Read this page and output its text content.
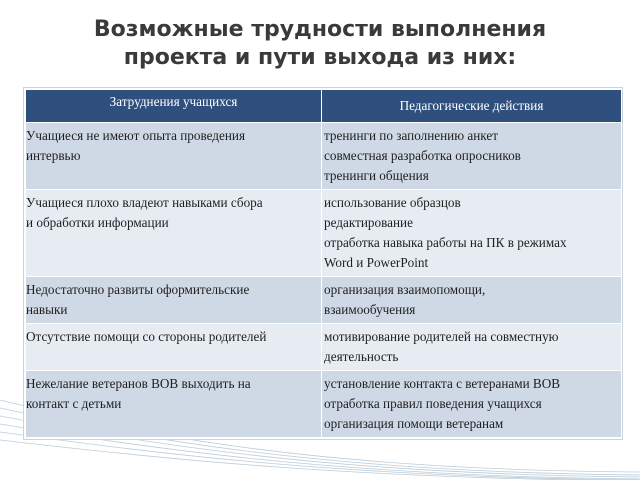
Возможные трудности выполнения
проекта и пути выхода из них:
Затруднения учащихся	Педагогические действия

Учащиеся не имеют опыта проведения
интервью	тренинги по заполнению анкет
совместная разработка опросников
тренинги общения

Учащиеся плохо владеют навыками сбора
и обработки информации	использование образцов
редактирование
отработка навыка работы на ПК в режимах
Word и PowerPoint

Недостаточно развиты оформительские
навыки	организация взаимопомощи,
взаимообучения

Отсутствие помощи со стороны родителей	мотивирование родителей на совместную
деятельность

Нежелание ветеранов ВОВ выходить на
контакт с детьми	установление контакта с ветеранами ВОВ
отработка правил поведения учащихся
организация помощи ветеранам
